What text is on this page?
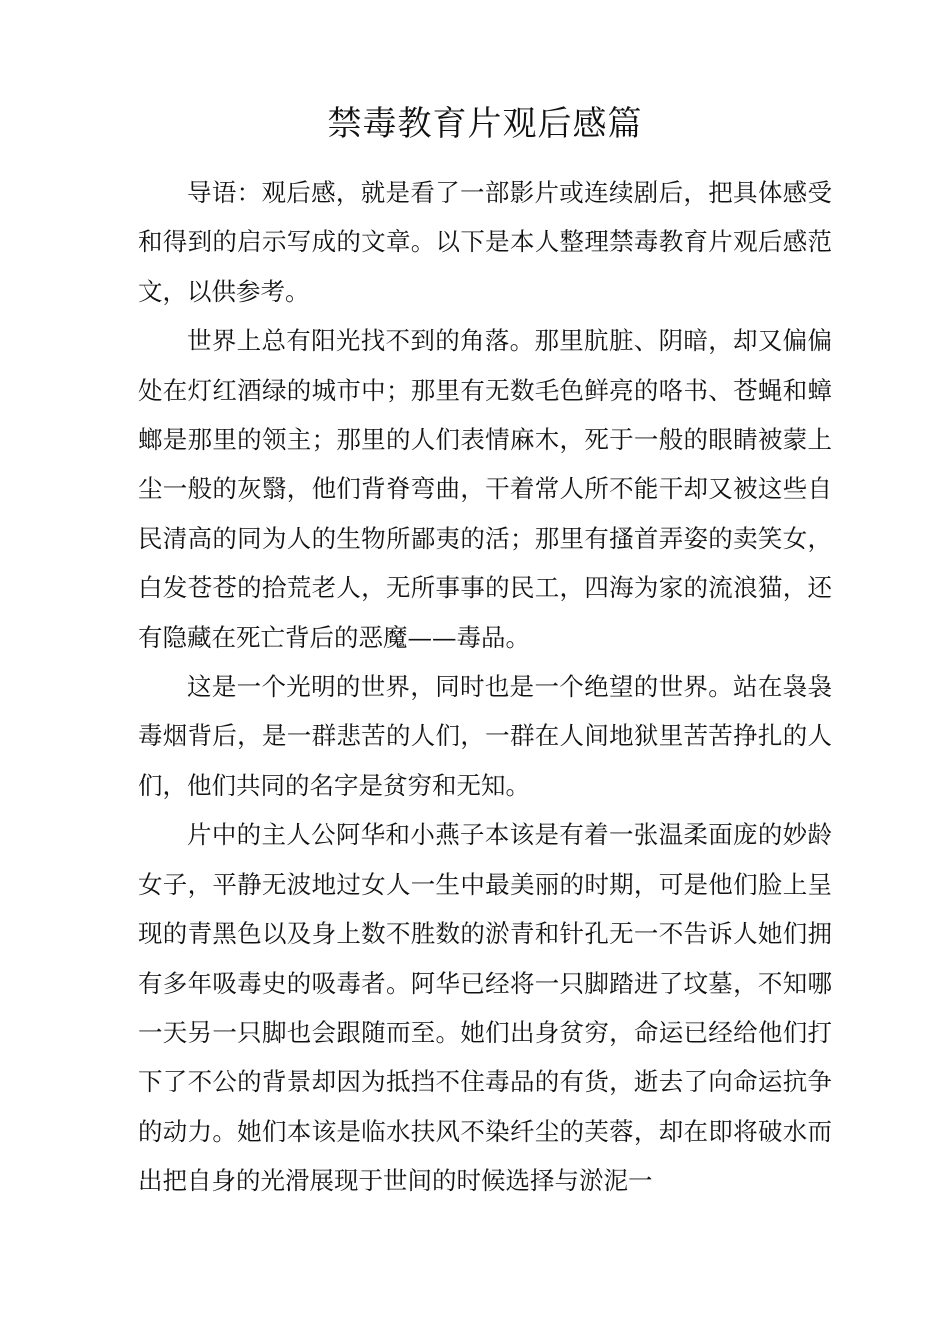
禁毒教育片观后感篇

导语：观后感，就是看了一部影片或连续剧后，把具体感受和得到的启示写成的文章。以下是本人整理禁毒教育片观后感范文，以供参考。

世界上总有阳光找不到的角落。那里肮脏、阴暗，却又偏偏处在灯红酒绿的城市中；那里有无数毛色鲜亮的咯书、苍蝇和蟑螂是那里的领主；那里的人们表情麻木，死于一般的眼睛被蒙上尘一般的灰翳，他们背脊弯曲，干着常人所不能干却又被这些自民清高的同为人的生物所鄙夷的活；那里有搔首弄姿的卖笑女，白发苍苍的拾荒老人，无所事事的民工，四海为家的流浪猫，还有隐藏在死亡背后的恶魔——毒品。

这是一个光明的世界，同时也是一个绝望的世界。站在袅袅毒烟背后，是一群悲苦的人们，一群在人间地狱里苦苦挣扎的人们，他们共同的名字是贫穷和无知。

片中的主人公阿华和小燕子本该是有着一张温柔面庞的妙龄女子，平静无波地过女人一生中最美丽的时期，可是他们脸上呈现的青黑色以及身上数不胜数的淤青和针孔无一不告诉人她们拥有多年吸毒史的吸毒者。阿华已经将一只脚踏进了坟墓，不知哪一天另一只脚也会跟随而至。她们出身贫穷，命运已经给他们打下了不公的背景却因为抵挡不住毒品的有货，逝去了向命运抗争的动力。她们本该是临水扶风不染纤尘的芙蓉，却在即将破水而出把自身的光滑展现于世间的时候选择与淤泥一
